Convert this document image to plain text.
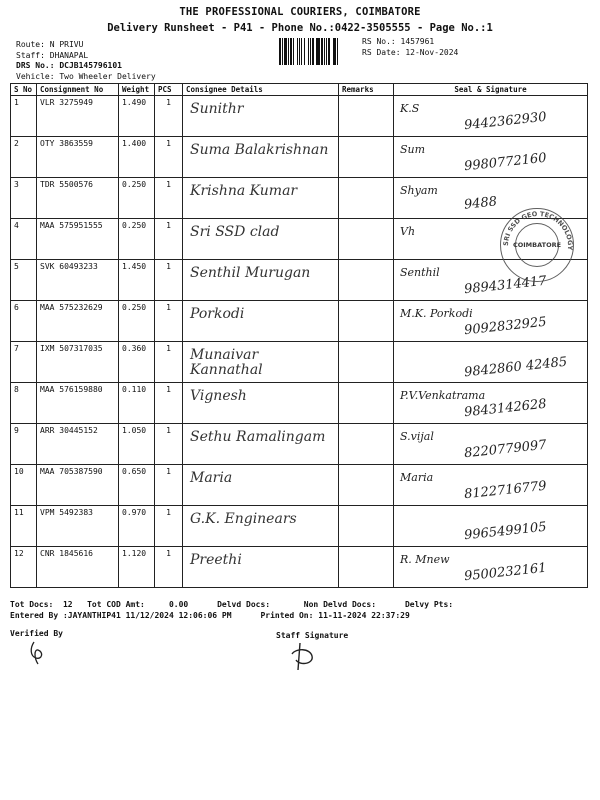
THE PROFESSIONAL COURIERS, COIMBATORE
Delivery Runsheet - P41 - Phone No.:0422-3505555 - Page No.:1
Route: N PRIVU
Staff: DHANAPAL
DRS No.: DCJB145796101
Vehicle: Two Wheeler Delivery
RS No.: 1457961
RS Date: 12-Nov-2024
S No	Consignment No	Weight	PCS	Consignee Details	Remarks	Seal & Signature
1	VLR 3275949	1.490	1	Sunithr		K.S
9442362930

2	OTY 3863559	1.400	1	Suma Balakrishnan		Sum
9980772160

3	TDR 5500576	0.250	1	Krishna Kumar		Shyam
9488

4	MAA 575951555	0.250	1	Sri SSD clad		Vh

5	SVK 60493233	1.450	1	Senthil Murugan		Senthil
9894314417

6	MAA 575232629	0.250	1	Porkodi		M.K. Porkodi
9092832925

7	IXM 507317035	0.360	1	Munaivar Kannathal		9842860 42485

8	MAA 576159880	0.110	1	Vignesh		P.V.Venkatrama
9843142628

9	ARR 30445152	1.050	1	Sethu Ramalingam		S.vijal
8220779097

10	MAA 705387590	0.650	1	Maria		Maria
8122716779

11	VPM 5492383	0.970	1	G.K. Enginears		9965499105

12	CNR 1845616	1.120	1	Preethi		R. Mnew
9500232161
SRI SSD GEO TECHNOLOGY
COIMBATORE
Tot Docs:  12   Tot COD Amt:     0.00      Delvd Docs:       Non Delvd Docs:      Delvy Pts:
Entered By :JAYANTHIP41 11/12/2024 12:06:06 PM      Printed On: 11-11-2024 22:37:29
Verified By	Staff Signature
